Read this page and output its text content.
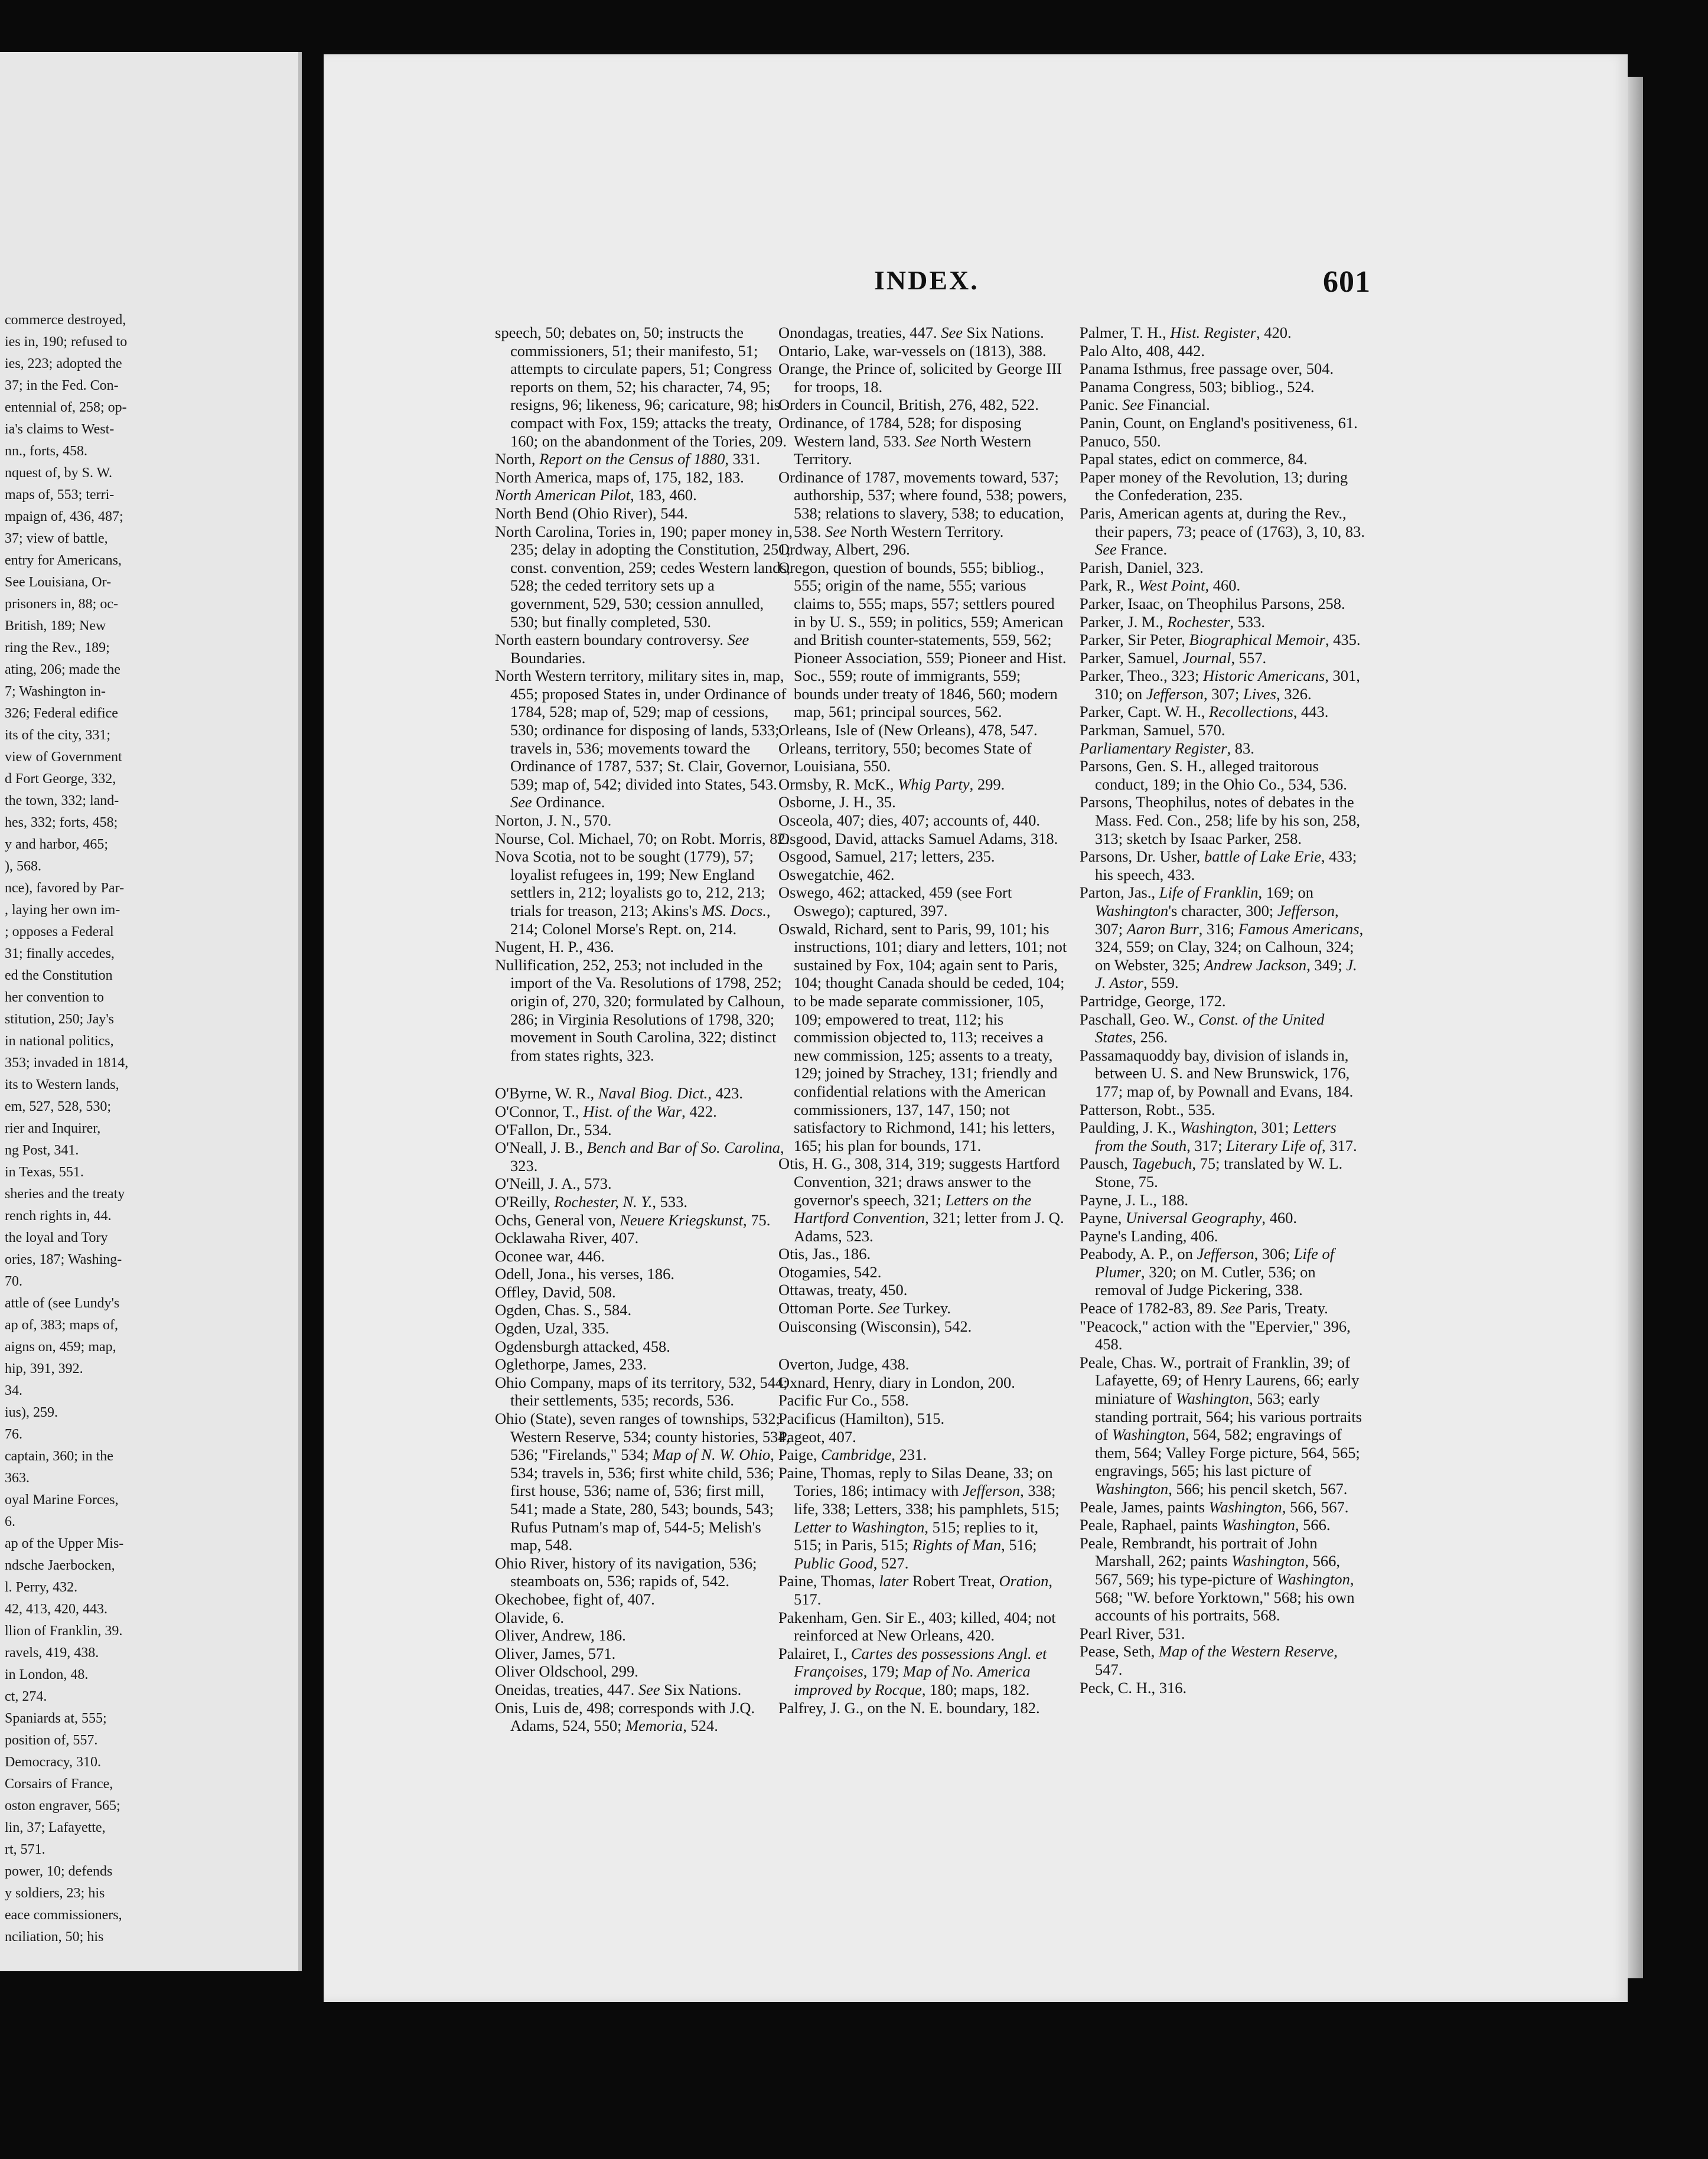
commerce destroyed,
ies in, 190; refused to
ies, 223; adopted the
37; in the Fed. Con-
entennial of, 258; op-
ia's claims to West-
nn., forts, 458.
nquest of, by S. W.
maps of, 553; terri-
mpaign of, 436, 487;
37; view of battle,
entry for Americans,
See Louisiana, Or-
prisoners in, 88; oc-
British, 189; New
ring the Rev., 189;
ating, 206; made the
7; Washington in-
326; Federal edifice
its of the city, 331;
view of Government
d Fort George, 332,
the town, 332; land-
hes, 332; forts, 458;
y and harbor, 465;
), 568.
nce), favored by Par-
, laying her own im-
; opposes a Federal
31; finally accedes,
ed the Constitution
her convention to
stitution, 250; Jay's
in national politics,
353; invaded in 1814,
its to Western lands,
em, 527, 528, 530;
rier and Inquirer,
ng Post, 341.
in Texas, 551.
sheries and the treaty
rench rights in, 44.
the loyal and Tory
ories, 187; Washing-
70.
attle of (see Lundy's
ap of, 383; maps of,
aigns on, 459; map,
hip, 391, 392.
34.
ius), 259.
76.
captain, 360; in the
363.
oyal Marine Forces,
6.
ap of the Upper Mis-
ndsche Jaerbocken,
l. Perry, 432.
42, 413, 420, 443.
llion of Franklin, 39.
ravels, 419, 438.
in London, 48.
ct, 274.
Spaniards at, 555;
position of, 557.
Democracy, 310.
Corsairs of France,
oston engraver, 565;
lin, 37; Lafayette,
rt, 571.
power, 10; defends
y soldiers, 23; his
eace commissioners,
nciliation, 50; his
INDEX.	601

speech, 50; debates on, 50; instructs the commissioners, 51; their manifesto, 51; attempts to circulate papers, 51; Congress reports on them, 52; his character, 74, 95; resigns, 96; likeness, 96; caricature, 98; his compact with Fox, 159; attacks the treaty, 160; on the abandonment of the Tories, 209.

North, Report on the Census of 1880, 331.

North America, maps of, 175, 182, 183.

North American Pilot, 183, 460.

North Bend (Ohio River), 544.

North Carolina, Tories in, 190; paper money in, 235; delay in adopting the Constitution, 251; const. convention, 259; cedes Western lands, 528; the ceded territory sets up a government, 529, 530; cession annulled, 530; but finally completed, 530.

North eastern boundary controversy. See Boundaries.

North Western territory, military sites in, map, 455; proposed States in, under Ordinance of 1784, 528; map of, 529; map of cessions, 530; ordinance for disposing of lands, 533; travels in, 536; movements toward the Ordinance of 1787, 537; St. Clair, Governor, 539; map of, 542; divided into States, 543. See Ordinance.

Norton, J. N., 570.

Nourse, Col. Michael, 70; on Robt. Morris, 82.

Nova Scotia, not to be sought (1779), 57; loyalist refugees in, 199; New England settlers in, 212; loyalists go to, 212, 213; trials for treason, 213; Akins's MS. Docs., 214; Colonel Morse's Rept. on, 214.

Nugent, H. P., 436.

Nullification, 252, 253; not included in the import of the Va. Resolutions of 1798, 252; origin of, 270, 320; formulated by Calhoun, 286; in Virginia Resolutions of 1798, 320; movement in South Carolina, 322; distinct from states rights, 323.

O'Byrne, W. R., Naval Biog. Dict., 423.

O'Connor, T., Hist. of the War, 422.

O'Fallon, Dr., 534.

O'Neall, J. B., Bench and Bar of So. Carolina, 323.

O'Neill, J. A., 573.

O'Reilly, Rochester, N. Y., 533.

Ochs, General von, Neuere Kriegskunst, 75.

Ocklawaha River, 407.

Oconee war, 446.

Odell, Jona., his verses, 186.

Offley, David, 508.

Ogden, Chas. S., 584.

Ogden, Uzal, 335.

Ogdensburgh attacked, 458.

Oglethorpe, James, 233.

Ohio Company, maps of its territory, 532, 544; their settlements, 535; records, 536.

Ohio (State), seven ranges of townships, 532; Western Reserve, 534; county histories, 534, 536; "Firelands," 534; Map of N. W. Ohio, 534; travels in, 536; first white child, 536; first house, 536; name of, 536; first mill, 541; made a State, 280, 543; bounds, 543; Rufus Putnam's map of, 544-5; Melish's map, 548.

Ohio River, history of its navigation, 536; steamboats on, 536; rapids of, 542.

Okechobee, fight of, 407.

Olavide, 6.

Oliver, Andrew, 186.

Oliver, James, 571.

Oliver Oldschool, 299.

Oneidas, treaties, 447. See Six Nations.

Onis, Luis de, 498; corresponds with J.Q. Adams, 524, 550; Memoria, 524.

Onondagas, treaties, 447. See Six Nations.

Ontario, Lake, war-vessels on (1813), 388.

Orange, the Prince of, solicited by George III for troops, 18.

Orders in Council, British, 276, 482, 522.

Ordinance, of 1784, 528; for disposing Western land, 533. See North Western Territory.

Ordinance of 1787, movements toward, 537; authorship, 537; where found, 538; powers, 538; relations to slavery, 538; to education, 538. See North Western Territory.

Ordway, Albert, 296.

Oregon, question of bounds, 555; bibliog., 555; origin of the name, 555; various claims to, 555; maps, 557; settlers poured in by U. S., 559; in politics, 559; American and British counter-statements, 559, 562; Pioneer Association, 559; Pioneer and Hist. Soc., 559; route of immigrants, 559; bounds under treaty of 1846, 560; modern map, 561; principal sources, 562.

Orleans, Isle of (New Orleans), 478, 547.

Orleans, territory, 550; becomes State of Louisiana, 550.

Ormsby, R. McK., Whig Party, 299.

Osborne, J. H., 35.

Osceola, 407; dies, 407; accounts of, 440.

Osgood, David, attacks Samuel Adams, 318.

Osgood, Samuel, 217; letters, 235.

Oswegatchie, 462.

Oswego, 462; attacked, 459 (see Fort Oswego); captured, 397.

Oswald, Richard, sent to Paris, 99, 101; his instructions, 101; diary and letters, 101; not sustained by Fox, 104; again sent to Paris, 104; thought Canada should be ceded, 104; to be made separate commissioner, 105, 109; empowered to treat, 112; his commission objected to, 113; receives a new commission, 125; assents to a treaty, 129; joined by Strachey, 131; friendly and confidential relations with the American commissioners, 137, 147, 150; not satisfactory to Richmond, 141; his letters, 165; his plan for bounds, 171.

Otis, H. G., 308, 314, 319; suggests Hartford Convention, 321; draws answer to the governor's speech, 321; Letters on the Hartford Convention, 321; letter from J. Q. Adams, 523.

Otis, Jas., 186.

Otogamies, 542.

Ottawas, treaty, 450.

Ottoman Porte. See Turkey.

Ouisconsing (Wisconsin), 542.

Overton, Judge, 438.

Oxnard, Henry, diary in London, 200.

Pacific Fur Co., 558.

Pacificus (Hamilton), 515.

Pageot, 407.

Paige, Cambridge, 231.

Paine, Thomas, reply to Silas Deane, 33; on Tories, 186; intimacy with Jefferson, 338; life, 338; Letters, 338; his pamphlets, 515; Letter to Washington, 515; replies to it, 515; in Paris, 515; Rights of Man, 516; Public Good, 527.

Paine, Thomas, later Robert Treat, Oration, 517.

Pakenham, Gen. Sir E., 403; killed, 404; not reinforced at New Orleans, 420.

Palairet, I., Cartes des possessions Angl. et Françoises, 179; Map of No. America improved by Rocque, 180; maps, 182.

Palfrey, J. G., on the N. E. boundary, 182.

Palmer, T. H., Hist. Register, 420.

Palo Alto, 408, 442.

Panama Isthmus, free passage over, 504.

Panama Congress, 503; bibliog., 524.

Panic. See Financial.

Panin, Count, on England's positiveness, 61.

Panuco, 550.

Papal states, edict on commerce, 84.

Paper money of the Revolution, 13; during the Confederation, 235.

Paris, American agents at, during the Rev., their papers, 73; peace of (1763), 3, 10, 83. See France.

Parish, Daniel, 323.

Park, R., West Point, 460.

Parker, Isaac, on Theophilus Parsons, 258.

Parker, J. M., Rochester, 533.

Parker, Sir Peter, Biographical Memoir, 435.

Parker, Samuel, Journal, 557.

Parker, Theo., 323; Historic Americans, 301, 310; on Jefferson, 307; Lives, 326.

Parker, Capt. W. H., Recollections, 443.

Parkman, Samuel, 570.

Parliamentary Register, 83.

Parsons, Gen. S. H., alleged traitorous conduct, 189; in the Ohio Co., 534, 536.

Parsons, Theophilus, notes of debates in the Mass. Fed. Con., 258; life by his son, 258, 313; sketch by Isaac Parker, 258.

Parsons, Dr. Usher, battle of Lake Erie, 433; his speech, 433.

Parton, Jas., Life of Franklin, 169; on Washington's character, 300; Jefferson, 307; Aaron Burr, 316; Famous Americans, 324, 559; on Clay, 324; on Calhoun, 324; on Webster, 325; Andrew Jackson, 349; J. J. Astor, 559.

Partridge, George, 172.

Paschall, Geo. W., Const. of the United States, 256.

Passamaquoddy bay, division of islands in, between U. S. and New Brunswick, 176, 177; map of, by Pownall and Evans, 184.

Patterson, Robt., 535.

Paulding, J. K., Washington, 301; Letters from the South, 317; Literary Life of, 317.

Pausch, Tagebuch, 75; translated by W. L. Stone, 75.

Payne, J. L., 188.

Payne, Universal Geography, 460.

Payne's Landing, 406.

Peabody, A. P., on Jefferson, 306; Life of Plumer, 320; on M. Cutler, 536; on removal of Judge Pickering, 338.

Peace of 1782-83, 89. See Paris, Treaty.

"Peacock," action with the "Epervier," 396, 458.

Peale, Chas. W., portrait of Franklin, 39; of Lafayette, 69; of Henry Laurens, 66; early miniature of Washington, 563; early standing portrait, 564; his various portraits of Washington, 564, 582; engravings of them, 564; Valley Forge picture, 564, 565; engravings, 565; his last picture of Washington, 566; his pencil sketch, 567.

Peale, James, paints Washington, 566, 567.

Peale, Raphael, paints Washington, 566.

Peale, Rembrandt, his portrait of John Marshall, 262; paints Washington, 566, 567, 569; his type-picture of Washington, 568; "W. before Yorktown," 568; his own accounts of his portraits, 568.

Pearl River, 531.

Pease, Seth, Map of the Western Reserve, 547.

Peck, C. H., 316.
